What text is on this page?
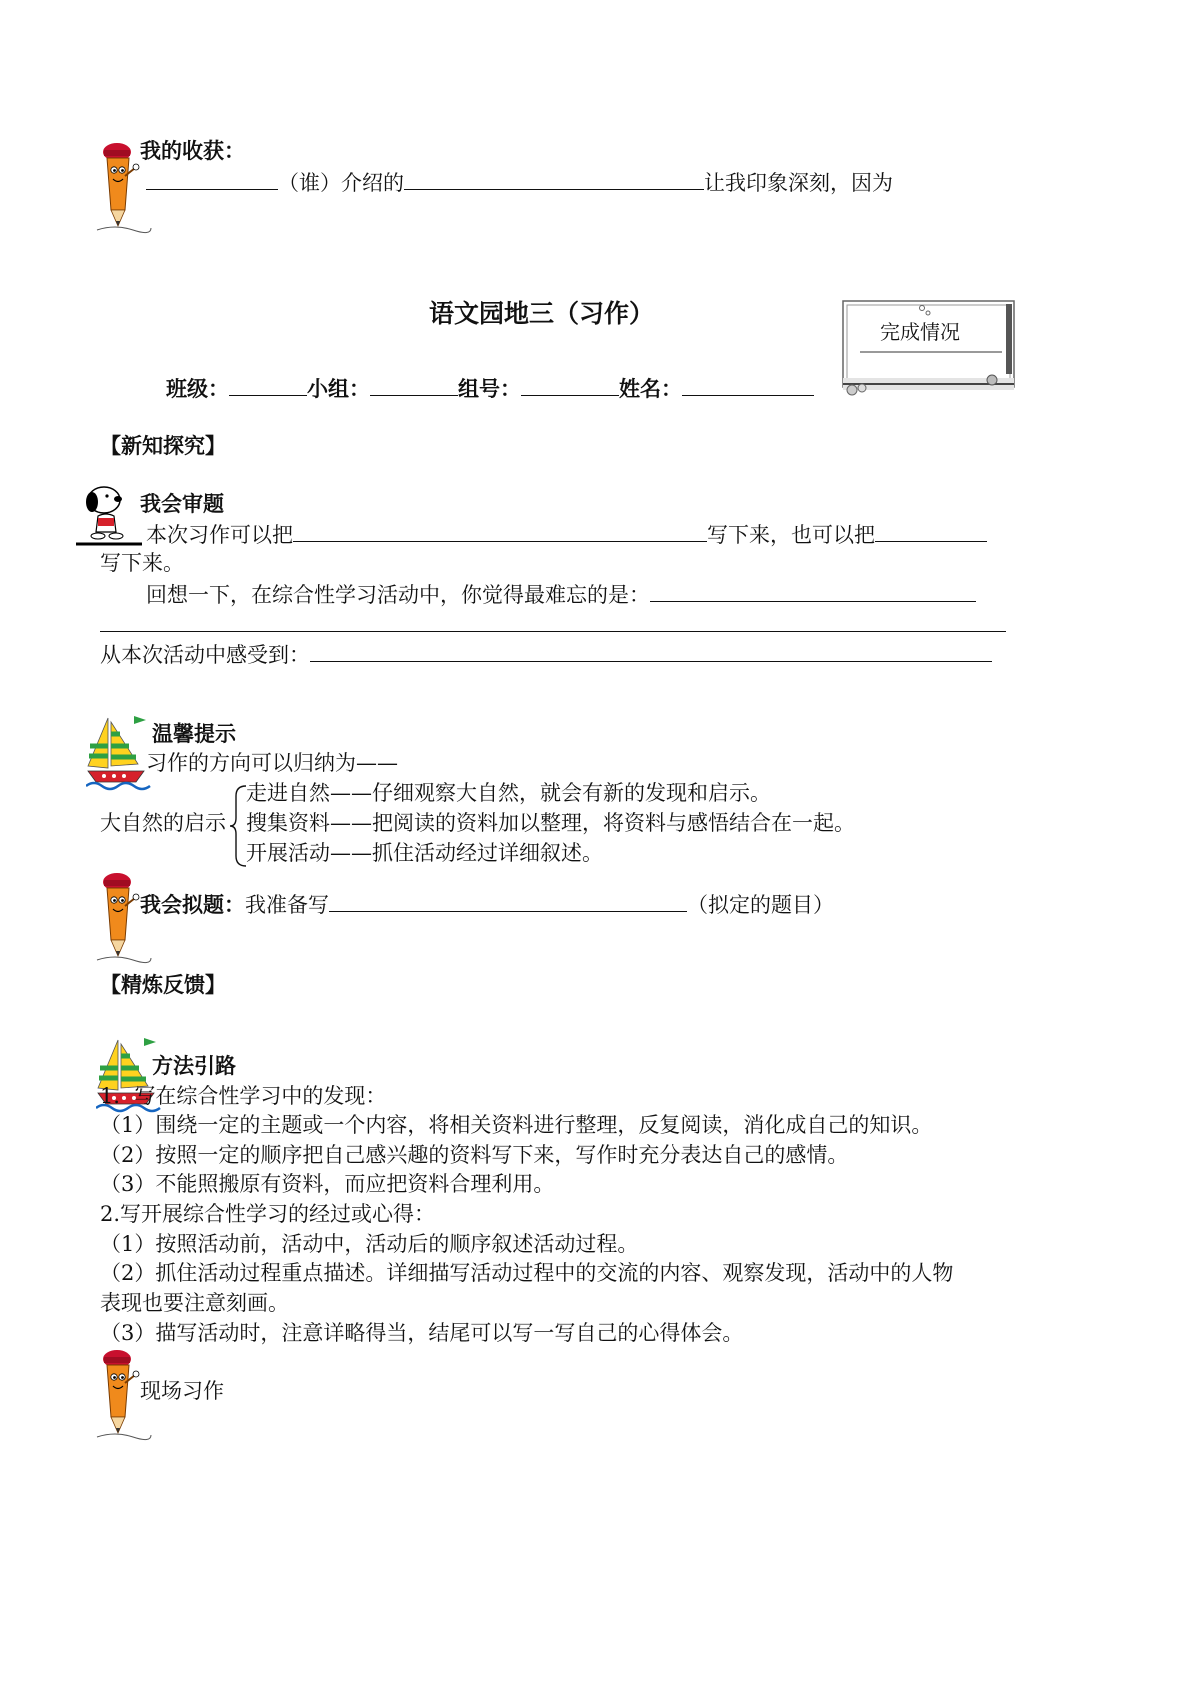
我的收获：
（谁）介绍的	让我印象深刻，因为
语文园地三（习作）
完成情况
班级：	小组：	组号：	姓名：
【新知探究】
我会审题
本次习作可以把	写下来，也可以把
写下来。
回想一下，在综合性学习活动中，你觉得最难忘的是：
从本次活动中感受到：
温馨提示
习作的方向可以归纳为——
大自然的启示
走进自然——仔细观察大自然，就会有新的发现和启示。
搜集资料——把阅读的资料加以整理，将资料与感悟结合在一起。
开展活动——抓住活动经过详细叙述。
我会拟题：我准备写	（拟定的题目）
【精炼反馈】
方法引路
1．写在综合性学习中的发现：
（1）围绕一定的主题或一个内容，将相关资料进行整理，反复阅读，消化成自己的知识。
（2）按照一定的顺序把自己感兴趣的资料写下来，写作时充分表达自己的感情。
（3）不能照搬原有资料，而应把资料合理利用。
2.写开展综合性学习的经过或心得：
（1）按照活动前，活动中，活动后的顺序叙述活动过程。
（2）抓住活动过程重点描述。详细描写活动过程中的交流的内容、观察发现，活动中的人物
表现也要注意刻画。
（3）描写活动时，注意详略得当，结尾可以写一写自己的心得体会。
现场习作
